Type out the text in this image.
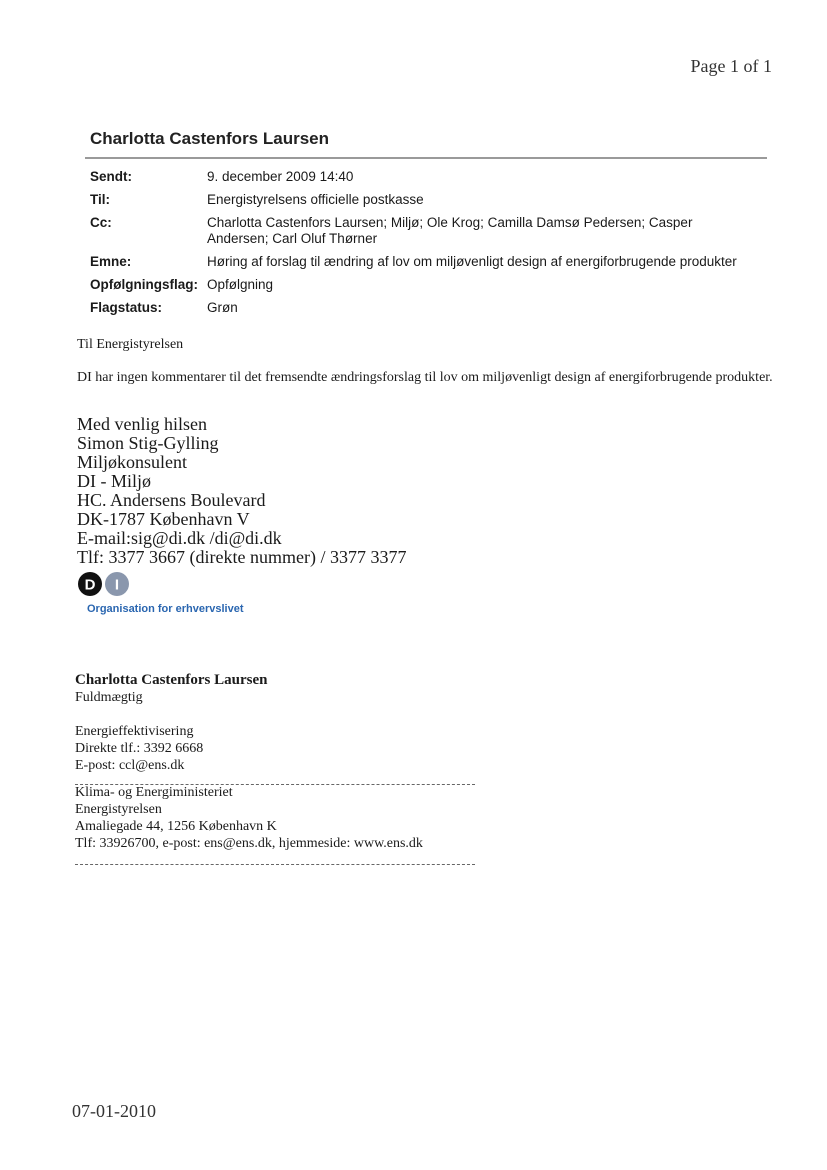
Page 1 of 1
Charlotta Castenfors Laursen
Sendt:	9. december 2009 14:40
Til:	Energistyrelsens officielle postkasse
Cc:	Charlotta Castenfors Laursen; Miljø; Ole Krog; Camilla Damsø Pedersen; Casper Andersen; Carl Oluf Thørner
Emne:	Høring af forslag til ændring af lov om miljøvenligt design af energiforbrugende produkter
Opfølgningsflag: Opfølgning
Flagstatus:	Grøn
Til Energistyrelsen
DI har ingen kommentarer til det fremsendte ændringsforslag til lov om miljøvenligt design af energiforbrugende produkter.
Med venlig hilsen
Simon Stig-Gylling
Miljøkonsulent
DI - Miljø
HC. Andersens Boulevard
DK-1787 København V
E-mail:sig@di.dk /di@di.dk
Tlf: 3377 3667 (direkte nummer) / 3377 3377
D I
Organisation for erhvervslivet
Charlotta Castenfors Laursen
Fuldmægtig
Energieffektivisering
Direkte tlf.: 3392 6668
E-post: ccl@ens.dk
Klima- og Energiministeriet
Energistyrelsen
Amaliegade 44, 1256 København K
Tlf: 33926700, e-post: ens@ens.dk, hjemmeside: www.ens.dk
07-01-2010
